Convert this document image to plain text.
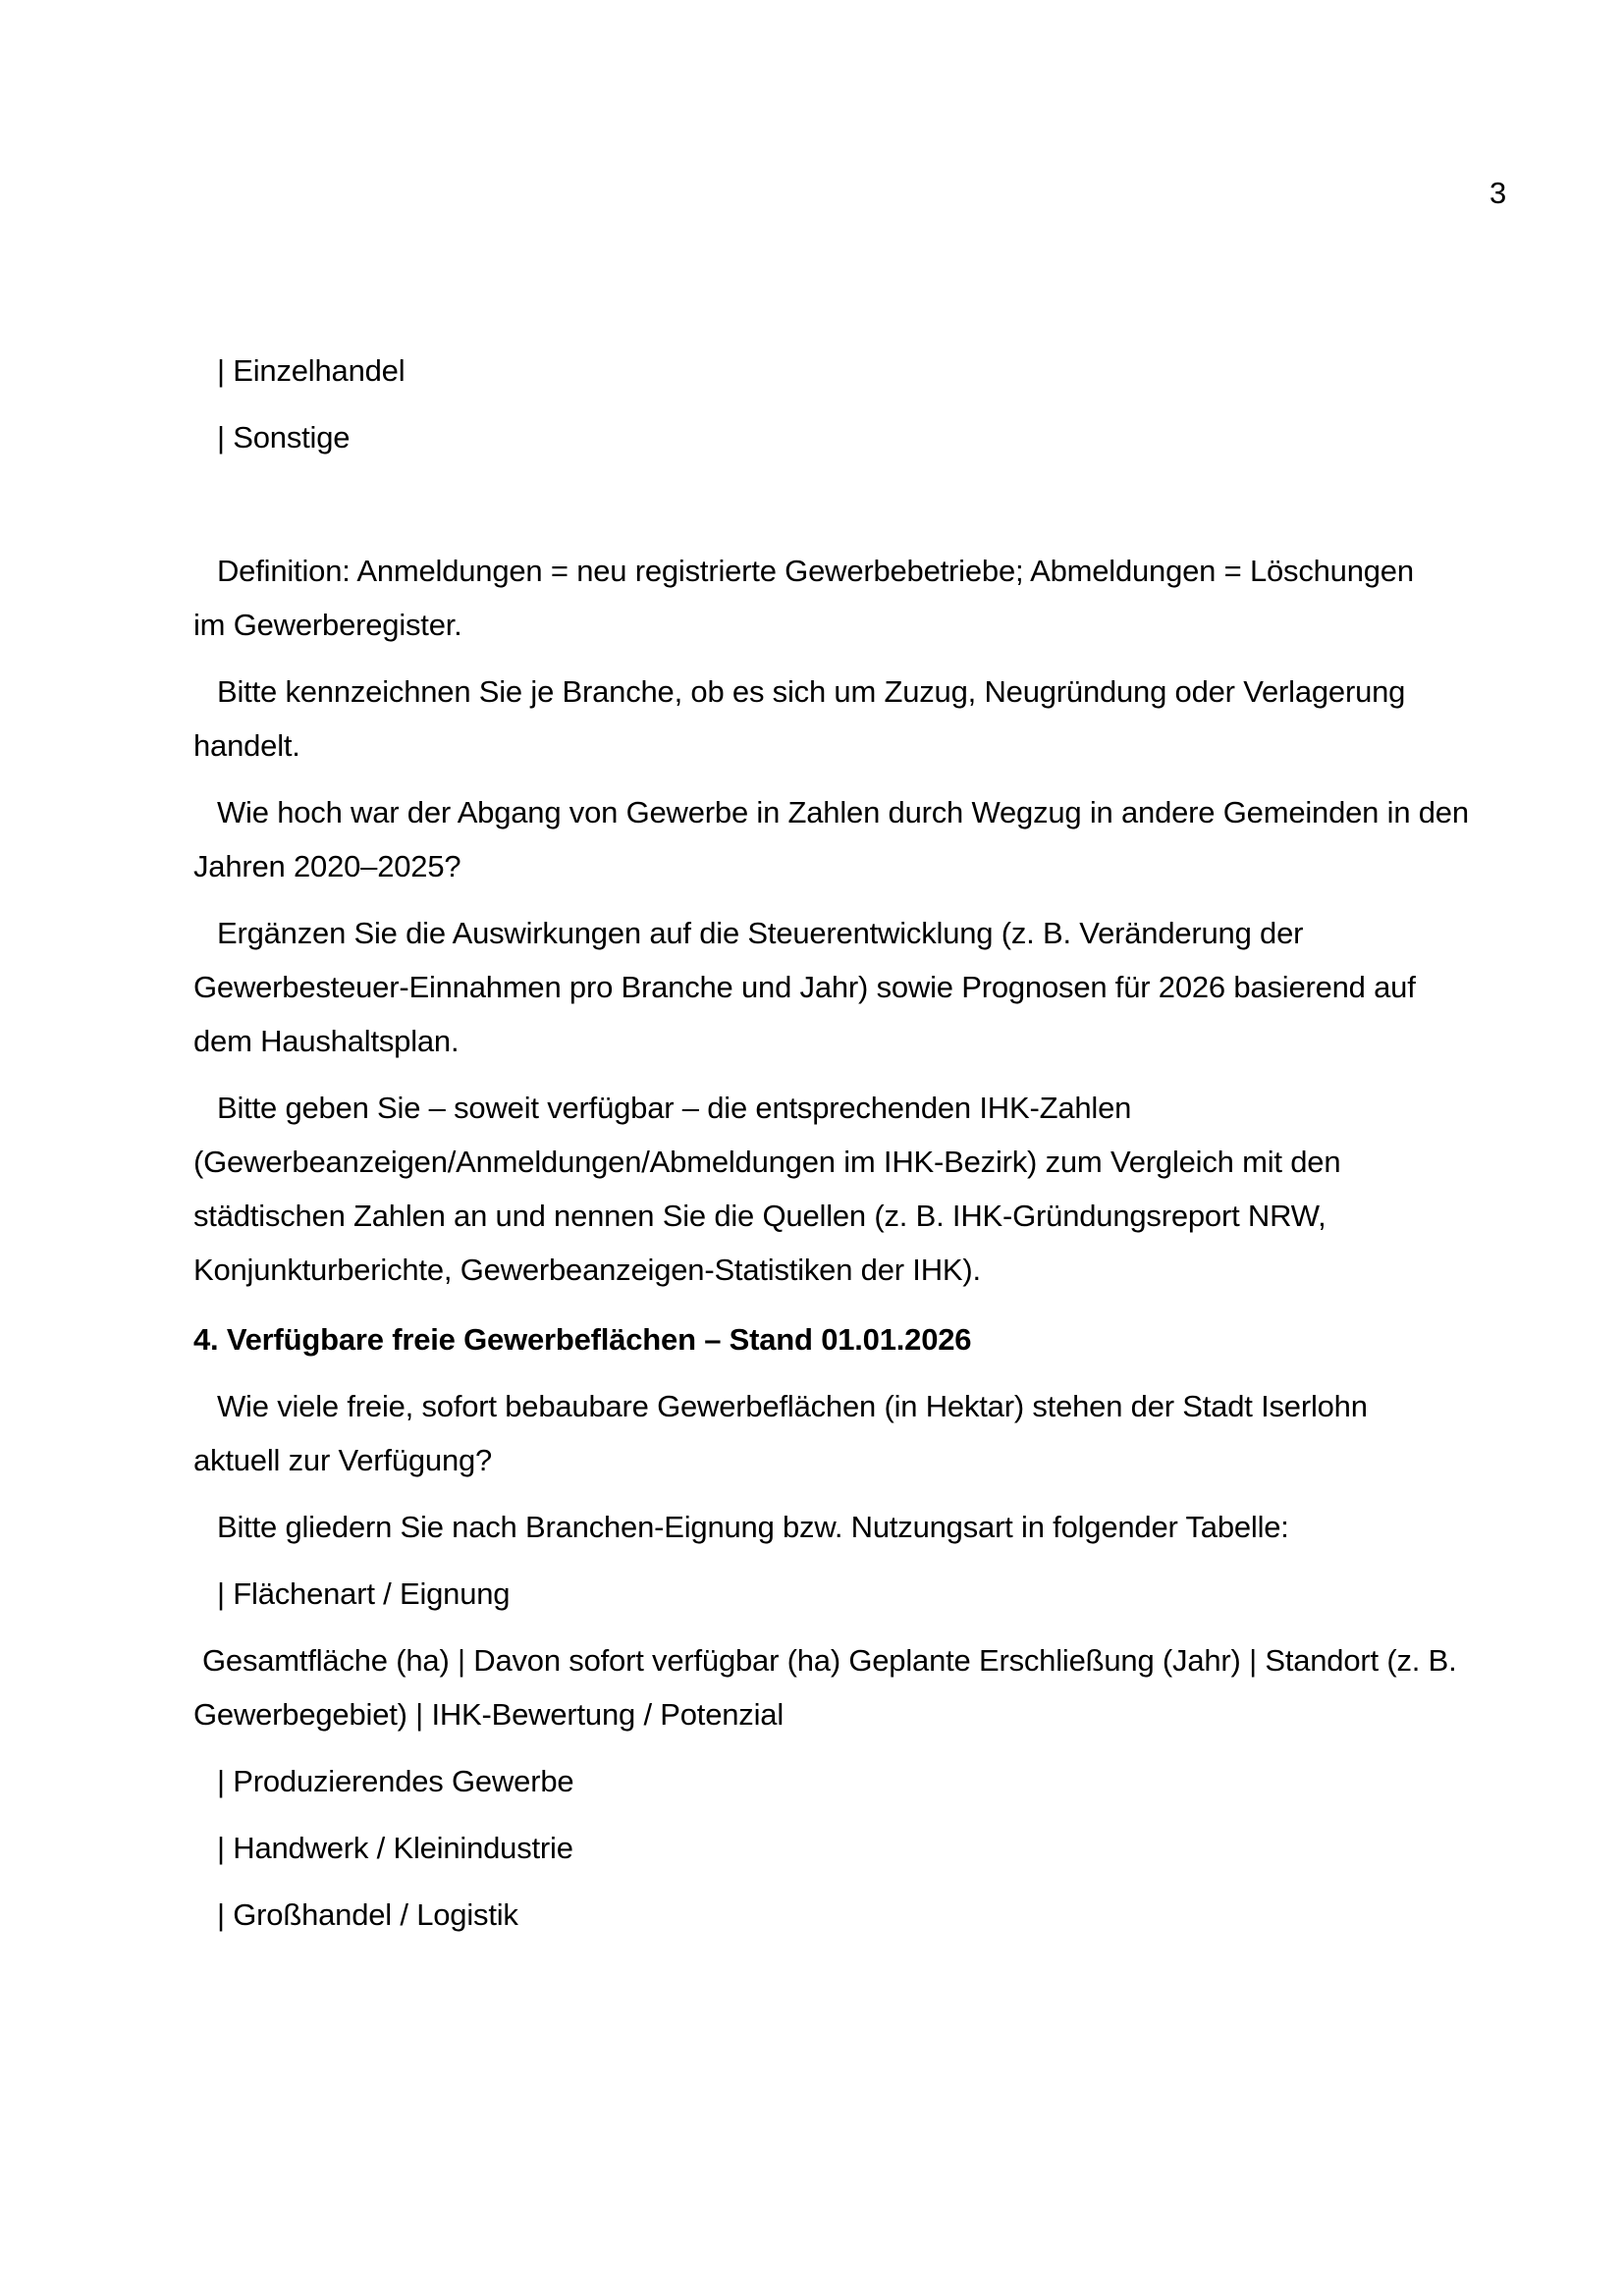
3
| Einzelhandel
| Sonstige
Definition: Anmeldungen = neu registrierte Gewerbebetriebe; Abmeldungen = Löschungen
im Gewerberegister.
Bitte kennzeichnen Sie je Branche, ob es sich um Zuzug, Neugründung oder Verlagerung
handelt.
Wie hoch war der Abgang von Gewerbe in Zahlen durch Wegzug in andere Gemeinden in den
Jahren 2020–2025?
Ergänzen Sie die Auswirkungen auf die Steuerentwicklung (z. B. Veränderung der
Gewerbesteuer-Einnahmen pro Branche und Jahr) sowie Prognosen für 2026 basierend auf
dem Haushaltsplan.
Bitte geben Sie – soweit verfügbar – die entsprechenden IHK-Zahlen
(Gewerbeanzeigen/Anmeldungen/Abmeldungen im IHK-Bezirk) zum Vergleich mit den
städtischen Zahlen an und nennen Sie die Quellen (z. B. IHK-Gründungsreport NRW,
Konjunkturberichte, Gewerbeanzeigen-Statistiken der IHK).
4. Verfügbare freie Gewerbeflächen – Stand 01.01.2026
Wie viele freie, sofort bebaubare Gewerbeflächen (in Hektar) stehen der Stadt Iserlohn
aktuell zur Verfügung?
Bitte gliedern Sie nach Branchen-Eignung bzw. Nutzungsart in folgender Tabelle:
| Flächenart / Eignung
Gesamtfläche (ha) | Davon sofort verfügbar (ha) Geplante Erschließung (Jahr) | Standort (z. B.
Gewerbegebiet) | IHK-Bewertung / Potenzial
| Produzierendes Gewerbe
| Handwerk / Kleinindustrie
| Großhandel / Logistik
